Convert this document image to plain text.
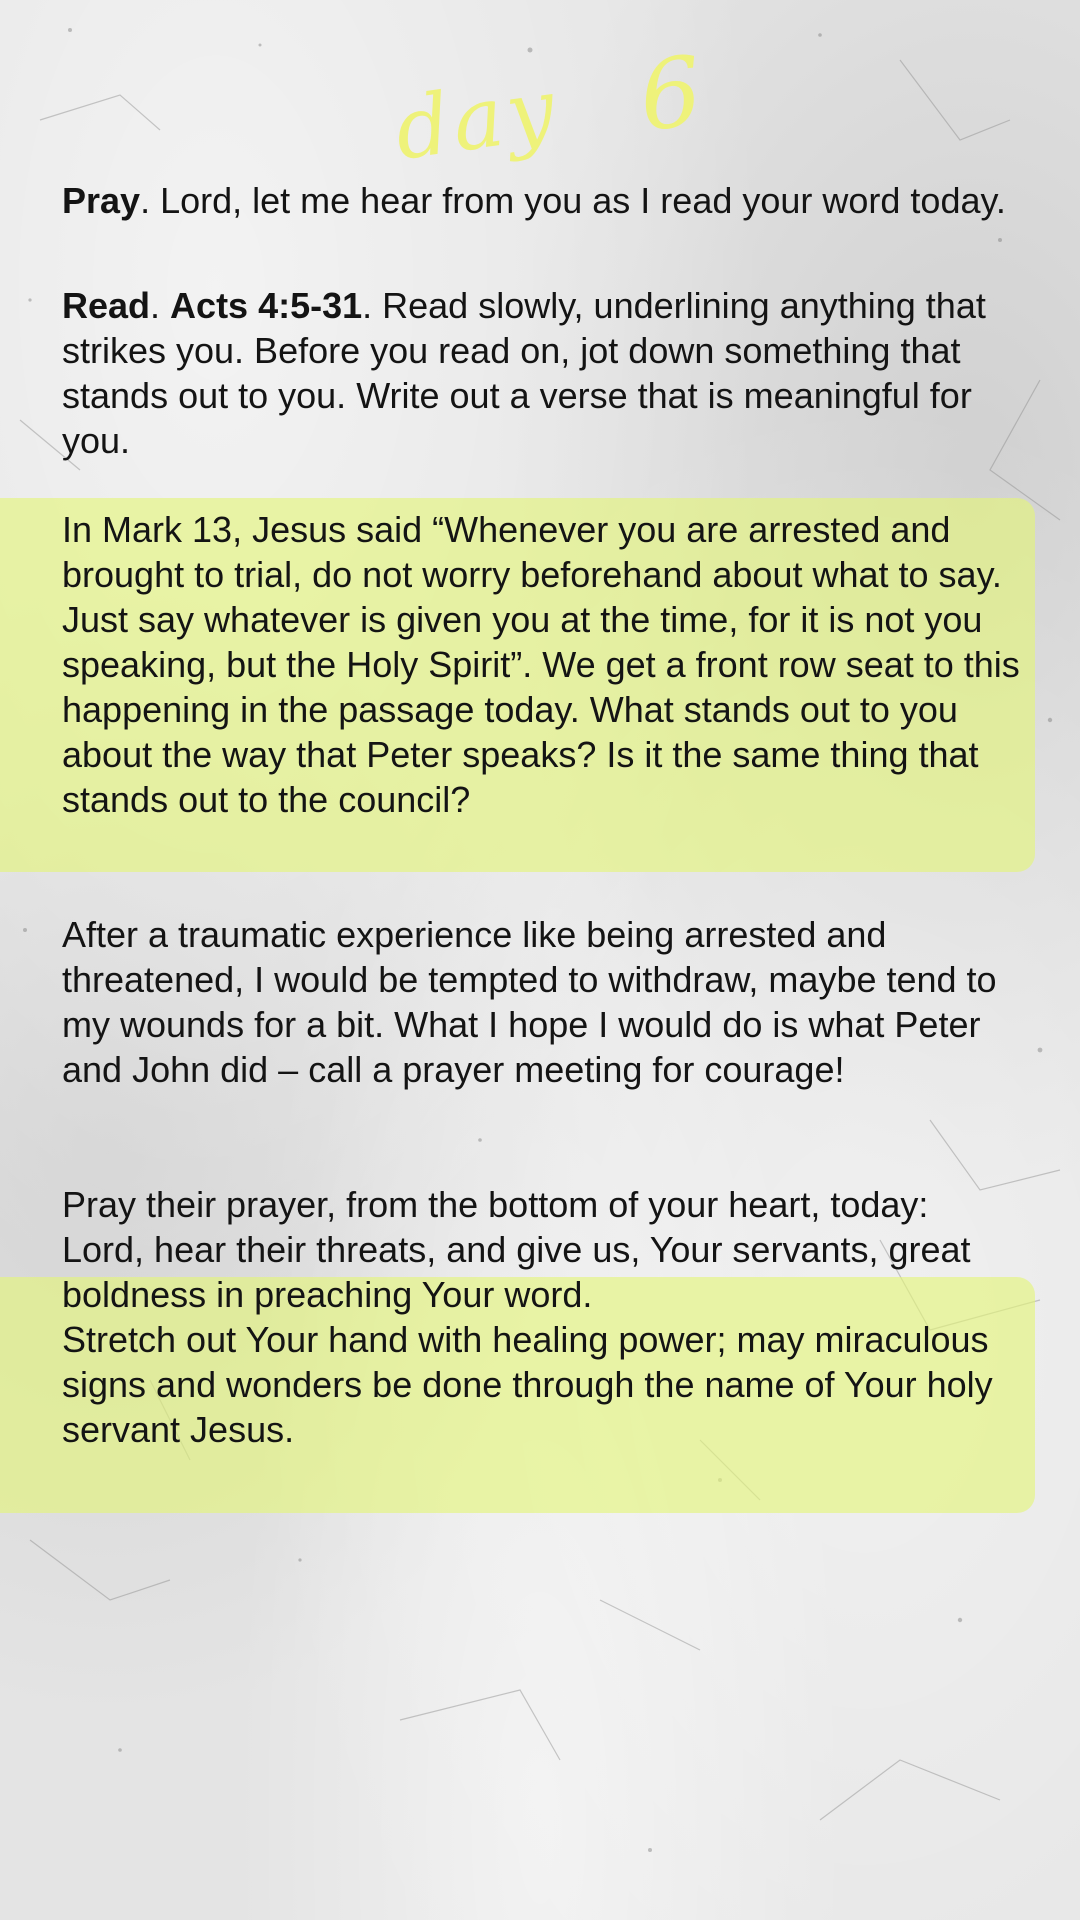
day 6
Pray. Lord, let me hear from you as I read your word today.
Read. Acts 4:5-31. Read slowly, underlining anything that strikes you. Before you read on, jot down something that stands out to you. Write out a verse that is meaningful for you.
In Mark 13, Jesus said “Whenever you are arrested and brought to trial, do not worry beforehand about what to say. Just say whatever is given you at the time, for it is not you speaking, but the Holy Spirit”. We get a front row seat to this happening in the passage today. What stands out to you about the way that Peter speaks? Is it the same thing that stands out to the council?
After a traumatic experience like being arrested and threatened, I would be tempted to withdraw, maybe tend to my wounds for a bit. What I hope I would do is what Peter and John did – call a prayer meeting for courage!
Pray their prayer, from the bottom of your heart, today:
Lord, hear their threats, and give us, Your servants, great boldness in preaching Your word.
Stretch out Your hand with healing power; may miraculous signs and wonders be done through the name of Your holy servant Jesus.
